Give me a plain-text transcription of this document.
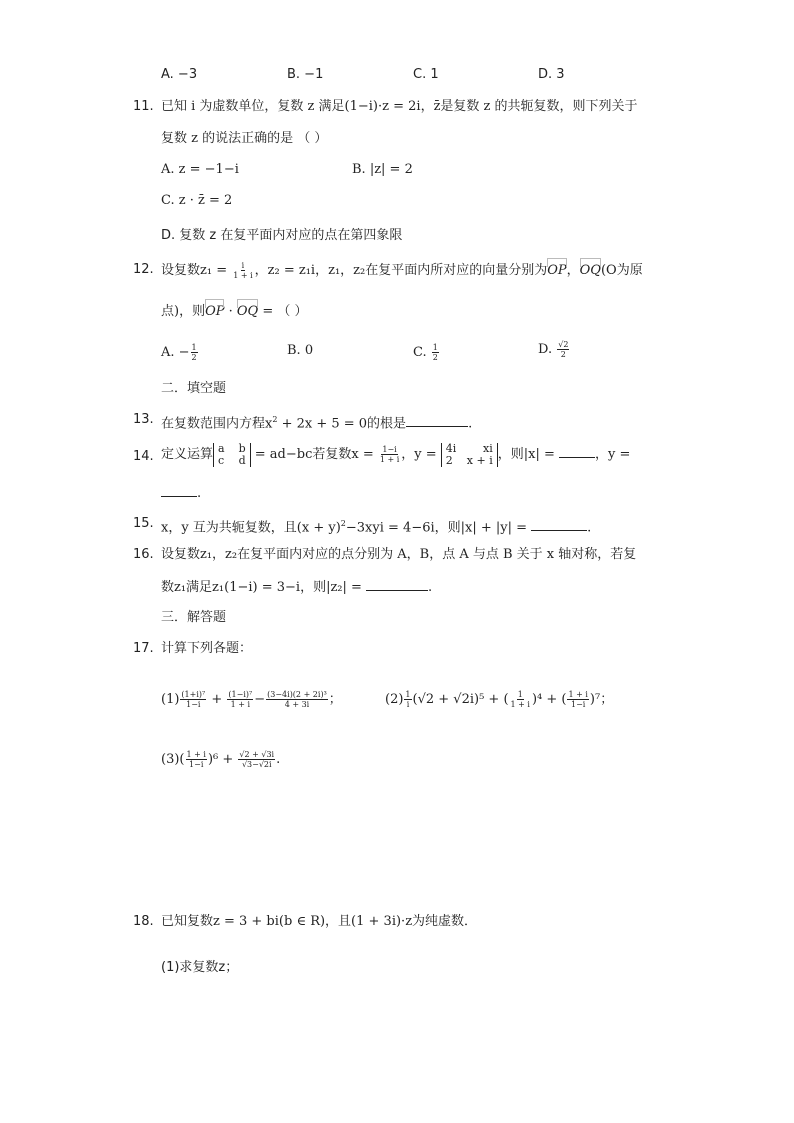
A. −3	B. −1	C. 1	D. 3
11. 已知 i 为虚数单位，复数 z 满足(1−i)·z = 2i，z̄是复数 z 的共轭复数，则下列关于
复数 z 的说法正确的是 （ ）
A. z = −1−i	B. |z| = 2
C. z · z̄ = 2
D. 复数 z 在复平面内对应的点在第四象限
12. 设复数$z_1 = \frac{i}{1 + i}$ ，z₂ = z₁i，z₁，z₂在复平面内所对应的向量分别为OP，OQ(O为原
点)，则OP · OQ = （ ）
A. − $\frac{1}{2}$	B. 0	C. $\frac{1}{2}$	D. $\frac{√2}{2}$
二．填空题
13. 在复数范围内方程$x^2 + 2x + 5 = 0$的根是	.
14. 定义运算 a b
c d = ad−bc若复数$x = \frac{1-i}{1 + i}$ ，y = 4i xi
2 x + i ，则|x| =	，y =
.
15. x，y 互为共轭复数，且$(x + y)^2-3xyi = 4-6i$，则|x| + |y| =	.
16. 设复数z₁，z₂在复平面内对应的点分别为 A，B，点 A 与点 B 关于 x 轴对称，若复
数z₁满足z₁(1−i) = 3−i，则|z₂| =	.
三．解答题
17. 计算下列各题：
$(1) \frac{\text{(1+i)⁷}}{1-i} + \frac{\text{(1−i)⁷}}{1 + i} - \frac{\text{(3−4i)(2 + 2i)³}}{4 + 3i}$ ；	$(2) \frac{1}{i} (√2 + √2i)^5$ + ( $\frac{1}{1 + i} )^4$ + ( $\frac{1 + i}{1-i} )^7$；
$(3)( \frac{1 + i}{1-i} )^6 + \frac{√2 + √3i}{√3-√2i}$ .
18. 已知复数z = 3 + bi(b ∈ R)，且(1 + 3i)·z为纯虚数．
(1)求复数z；
